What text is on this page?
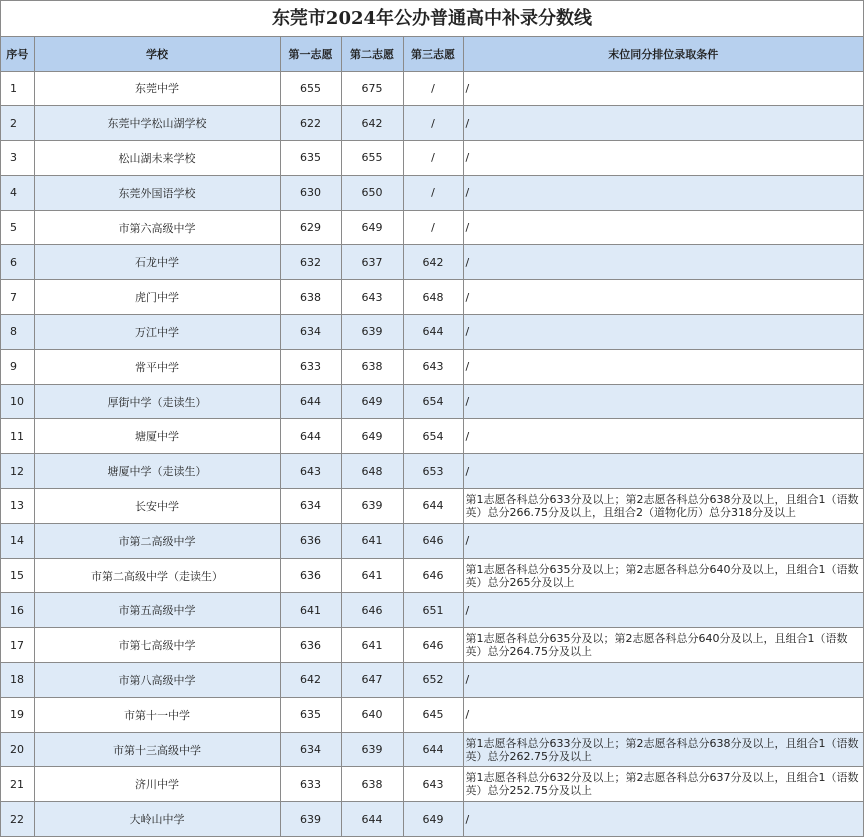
东莞市2024年公办普通高中补录分数线
序号	学校	第一志愿	第二志愿	第三志愿	末位同分排位录取条件
1	东莞中学	655	675	/	/
2	东莞中学松山湖学校	622	642	/	/
3	松山湖未来学校	635	655	/	/
4	东莞外国语学校	630	650	/	/
5	市第六高级中学	629	649	/	/
6	石龙中学	632	637	642	/
7	虎门中学	638	643	648	/
8	万江中学	634	639	644	/
9	常平中学	633	638	643	/
10	厚街中学（走读生）	644	649	654	/
11	塘厦中学	644	649	654	/
12	塘厦中学（走读生）	643	648	653	/
13	长安中学	634	639	644	第1志愿各科总分633分及以上；第2志愿各科总分638分及以上，且组合1（语数英）总分266.75分及以上，且组合2（道物化历）总分318分及以上
14	市第二高级中学	636	641	646	/
15	市第二高级中学（走读生）	636	641	646	第1志愿各科总分635分及以上；第2志愿各科总分640分及以上，且组合1（语数英）总分265分及以上
16	市第五高级中学	641	646	651	/
17	市第七高级中学	636	641	646	第1志愿各科总分635分及以；第2志愿各科总分640分及以上，且组合1（语数英）总分264.75分及以上
18	市第八高级中学	642	647	652	/
19	市第十一中学	635	640	645	/
20	市第十三高级中学	634	639	644	第1志愿各科总分633分及以上；第2志愿各科总分638分及以上，且组合1（语数英）总分262.75分及以上
21	济川中学	633	638	643	第1志愿各科总分632分及以上；第2志愿各科总分637分及以上，且组合1（语数英）总分252.75分及以上
22	大岭山中学	639	644	649	/
